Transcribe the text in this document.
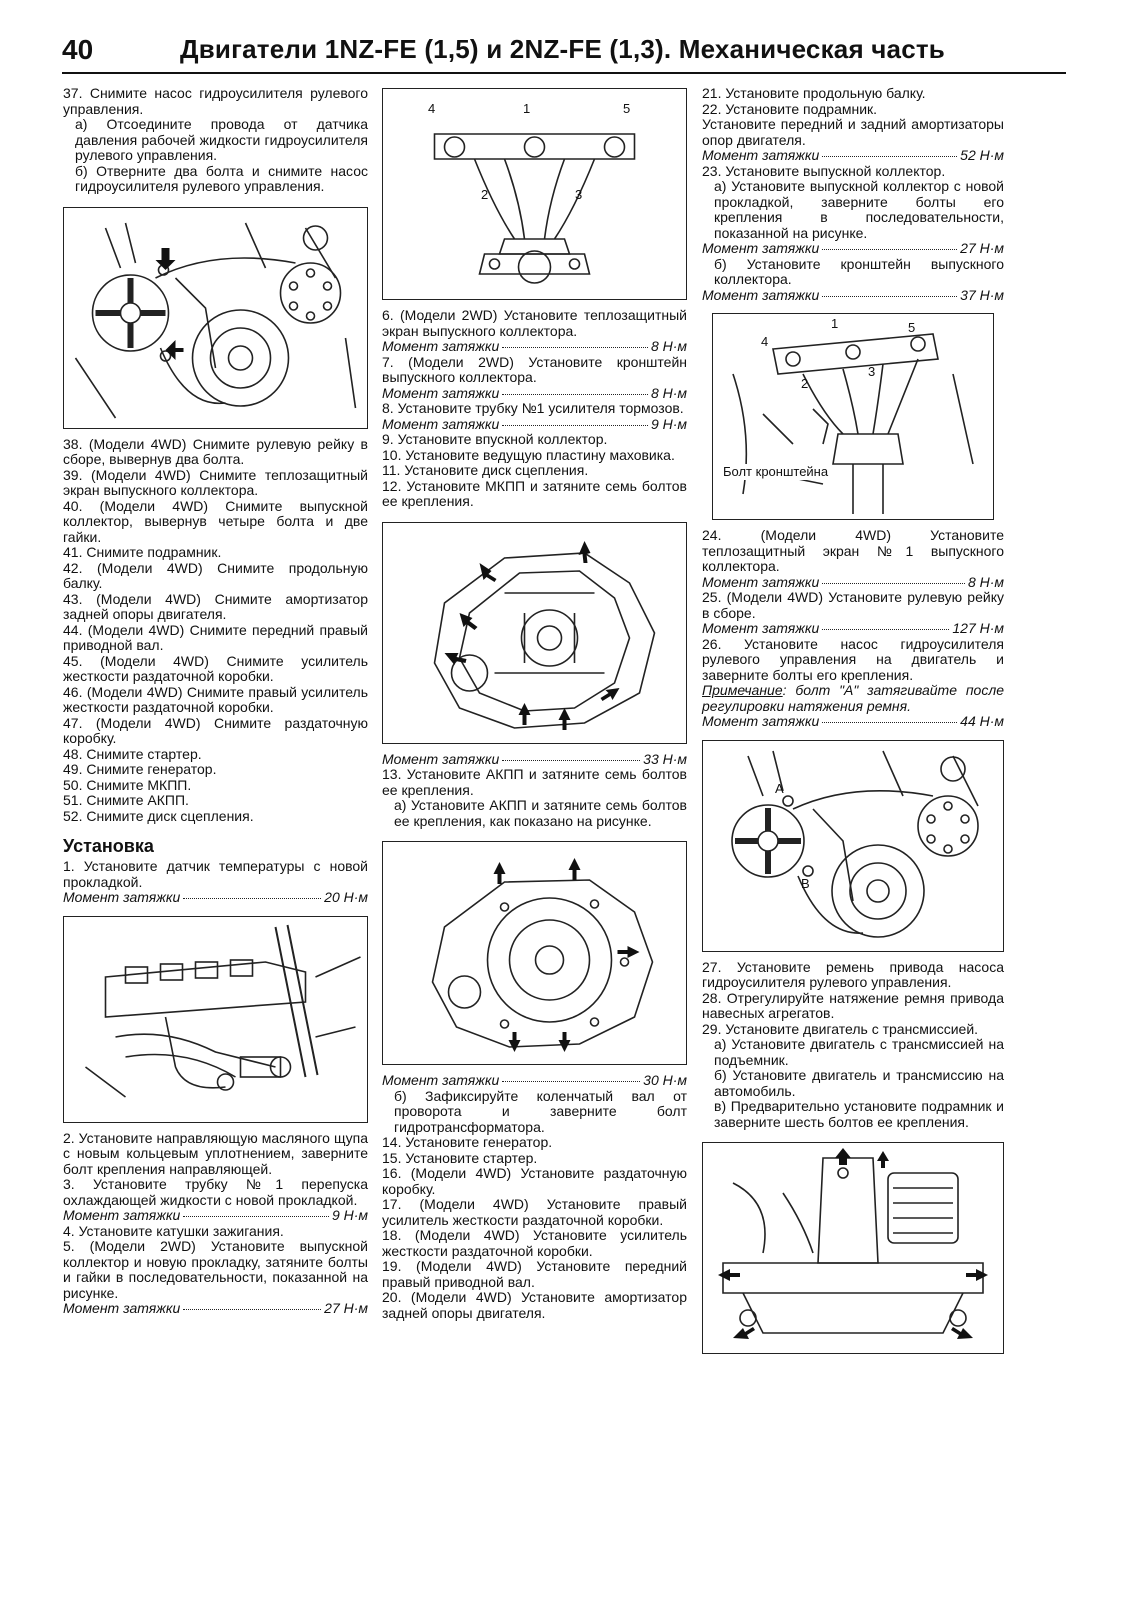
40	Двигатели 1NZ-FE (1,5) и 2NZ-FE (1,3). Механическая часть

37. Снимите насос гидроусилителя рулевого управления.

а) Отсоедините провода от датчика давления рабочей жидкости гидроусилителя рулевого управления.

б) Отверните два болта и снимите насос гидроусилителя рулевого управления.

38. (Модели 4WD) Снимите рулевую рейку в сборе, вывернув два болта.

39. (Модели 4WD) Снимите теплозащитный экран выпускного коллектора.

40. (Модели 4WD) Снимите выпускной коллектор, вывернув четыре болта и две гайки.

41. Снимите подрамник.

42. (Модели 4WD) Снимите продольную балку.

43. (Модели 4WD) Снимите амортизатор задней опоры двигателя.

44. (Модели 4WD) Снимите передний правый приводной вал.

45. (Модели 4WD) Снимите усилитель жесткости раздаточной коробки.

46. (Модели 4WD) Снимите правый усилитель жесткости раздаточной коробки.

47. (Модели 4WD) Снимите раздаточную коробку.

48. Снимите стартер.

49. Снимите генератор.

50. Снимите МКПП.

51. Снимите АКПП.

52. Снимите диск сцепления.

Установка

1. Установите датчик температуры с новой прокладкой.

Момент затяжки	20 Н·м

2. Установите направляющую масляного щупа с новым кольцевым уплотнением, заверните болт крепления направляющей.

3. Установите трубку №1 перепуска охлаждающей жидкости с новой прокладкой.

Момент затяжки	9 Н·м

4. Установите катушки зажигания.

5. (Модели 2WD) Установите выпускной коллектор и новую прокладку, затяните болты и гайки в последовательности, показанной на рисунке.

Момент затяжки	27 Н·м

4	1	5
2	3

6. (Модели 2WD) Установите теплозащитный экран выпускного коллектора.

Момент затяжки	8 Н·м

7. (Модели 2WD) Установите кронштейн выпускного коллектора.

Момент затяжки	8 Н·м

8. Установите трубку №1 усилителя тормозов.

Момент затяжки	9 Н·м

9. Установите впускной коллектор.

10. Установите ведущую пластину маховика.

11. Установите диск сцепления.

12. Установите МКПП и затяните семь болтов ее крепления.

Момент затяжки	33 Н·м

13. Установите АКПП и затяните семь болтов ее крепления.

а) Установите АКПП и затяните семь болтов ее крепления, как показано на рисунке.

Момент затяжки	30 Н·м

б) Зафиксируйте коленчатый вал от проворота и заверните болт гидротрансформатора.

14. Установите генератор.

15. Установите стартер.

16. (Модели 4WD) Установите раздаточную коробку.

17. (Модели 4WD) Установите правый усилитель жесткости раздаточной коробки.

18. (Модели 4WD) Установите усилитель жесткости раздаточной коробки.

19. (Модели 4WD) Установите передний правый приводной вал.

20. (Модели 4WD) Установите амортизатор задней опоры двигателя.

21. Установите продольную балку.

22. Установите подрамник.

Установите передний и задний амортизаторы опор двигателя.

Момент затяжки	52 Н·м

23. Установите выпускной коллектор.

а) Установите выпускной коллектор с новой прокладкой, заверните болты его крепления в последовательности, показанной на рисунке.

Момент затяжки	27 Н·м

б) Установите кронштейн выпускного коллектора.

Момент затяжки	37 Н·м

4
1	5
2
3
Болт кронштейна

24. (Модели 4WD) Установите теплозащитный экран №1 выпускного коллектора.

Момент затяжки	8 Н·м

25. (Модели 4WD) Установите рулевую рейку в сборе.

Момент затяжки	127 Н·м

26. Установите насос гидроусилителя рулевого управления на двигатель и заверните болты его крепления.

Примечание: болт "А" затягивайте после регулировки натяжения ремня.

Момент затяжки	44 Н·м

A
B

27. Установите ремень привода насоса гидроусилителя рулевого управления.

28. Отрегулируйте натяжение ремня привода навесных агрегатов.

29. Установите двигатель с трансмиссией.

а) Установите двигатель с трансмиссией на подъемник.

б) Установите двигатель и трансмиссию на автомобиль.

в) Предварительно установите подрамник и заверните шесть болтов ее крепления.
